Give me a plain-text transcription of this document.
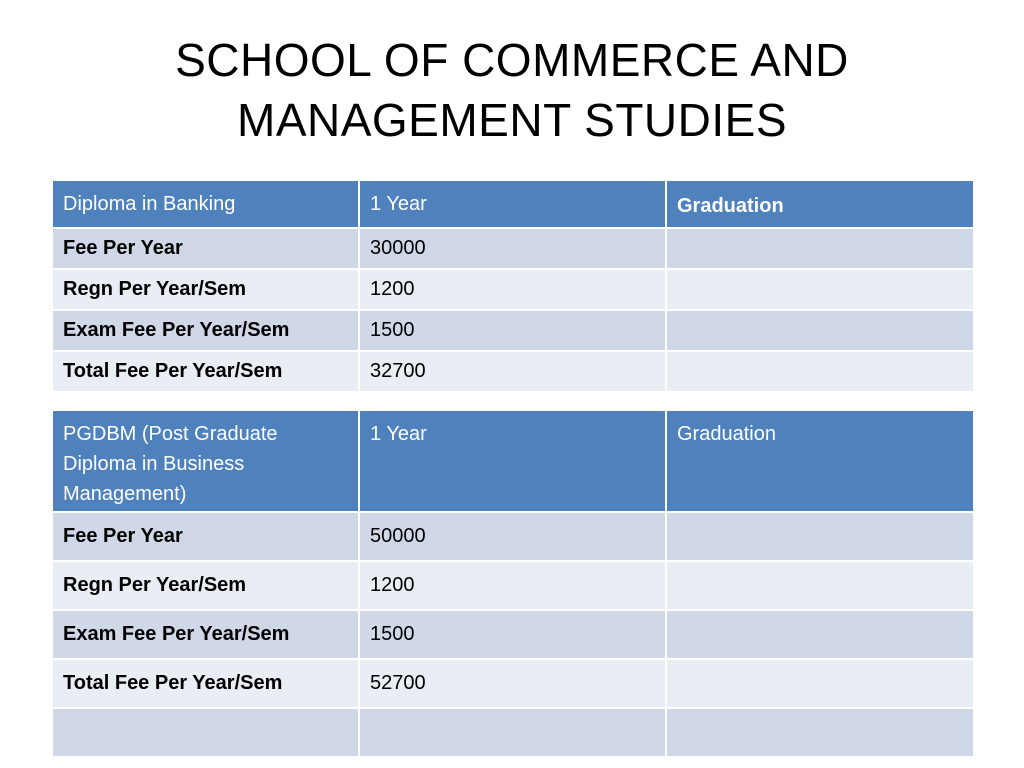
SCHOOL OF COMMERCE AND
MANAGEMENT STUDIES
Diploma in Banking	1 Year	Graduation
Fee Per Year	30000	
Regn Per Year/Sem	1200	
Exam Fee Per Year/Sem	1500	
Total Fee Per Year/Sem	32700	
PGDBM (Post Graduate Diploma in Business Management)	1 Year	Graduation
Fee Per Year	50000	
Regn Per Year/Sem	1200	
Exam Fee Per Year/Sem	1500	
Total Fee Per Year/Sem	52700	
